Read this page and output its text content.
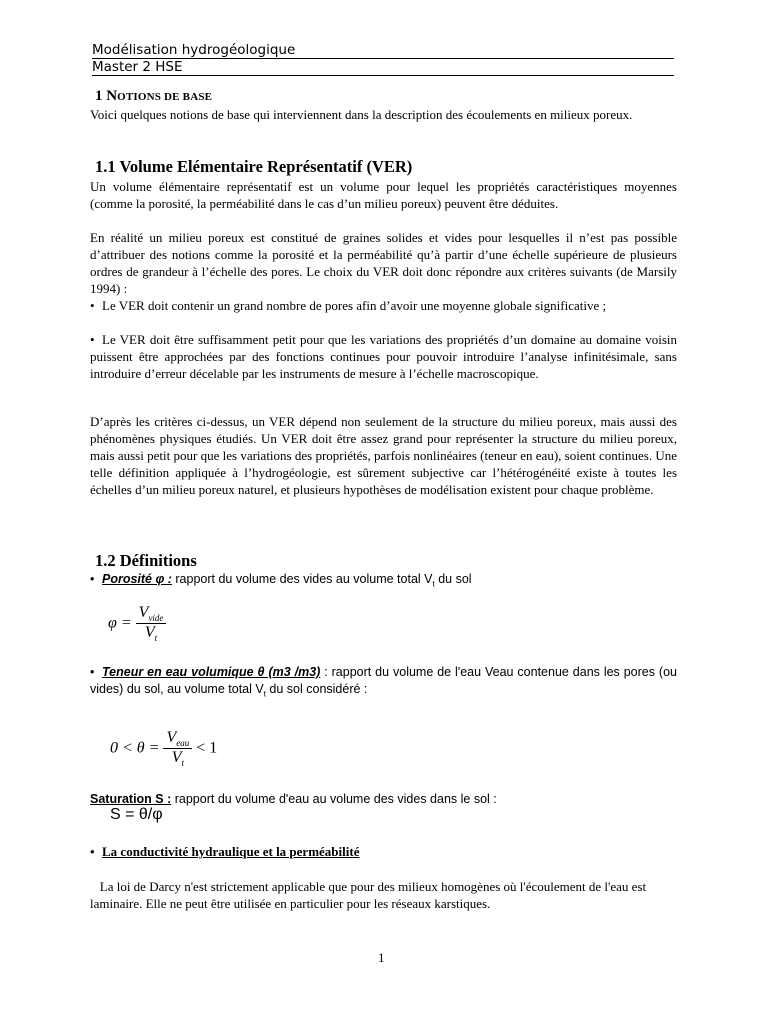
Modélisation hydrogéologique
Master 2 HSE
1 NOTIONS DE BASE
Voici quelques notions de base qui interviennent dans la description des écoulements en milieux poreux.
1.1 Volume Elémentaire Représentatif (VER)
Un volume élémentaire représentatif est un volume pour lequel les propriétés caractéristiques moyennes (comme la porosité, la perméabilité dans le cas d’un milieu poreux) peuvent être déduites.
En réalité un milieu poreux est constitué de graines solides et vides pour lesquelles il n’est pas possible d’attribuer des notions comme la porosité et la perméabilité qu’à partir d’une échelle supérieure de plusieurs ordres de grandeur à l’échelle des pores. Le choix du VER doit donc répondre aux critères suivants (de Marsily 1994) :
• Le VER doit contenir un grand nombre de pores afin d’avoir une moyenne globale significative ;
• Le VER doit être suffisamment petit pour que les variations des propriétés d’un domaine au domaine voisin puissent être approchées par des fonctions continues pour pouvoir introduire l’analyse infinitésimale, sans introduire d’erreur décelable par les instruments de mesure à l’échelle macroscopique.
D’après les critères ci-dessus, un VER dépend non seulement de la structure du milieu poreux, mais aussi des phénomènes physiques étudiés. Un VER doit être assez grand pour représenter la structure du milieu poreux, mais aussi petit pour que les variations des propriétés, parfois nonlinéaires (teneur en eau), soient continues. Une telle définition appliquée à l’hydrogéologie, est sûrement subjective car l’hétérogénéité existe à toutes les échelles d’un milieu poreux naturel, et plusieurs hypothèses de modélisation existent pour chaque problème.
1.2 Définitions
• Porosité φ : rapport du volume des vides au volume total $V_t$ du sol
$\varphi = \frac{V_{vide}}{V_t}$
• Teneur en eau volumique θ (m3 /m3) : rapport du volume de l'eau Veau contenue dans les pores (ou vides) du sol, au volume total $V_t$ du sol considéré :
$0 < \theta = \frac{V_{eau}}{V_t} < 1$
Saturation S : rapport du volume d'eau au volume des vides dans le sol :
S = θ/φ
• La conductivité hydraulique et la perméabilité
La loi de Darcy n'est strictement applicable que pour des milieux homogènes où l'écoulement de l'eau est laminaire. Elle ne peut être utilisée en particulier pour les réseaux karstiques.
1
